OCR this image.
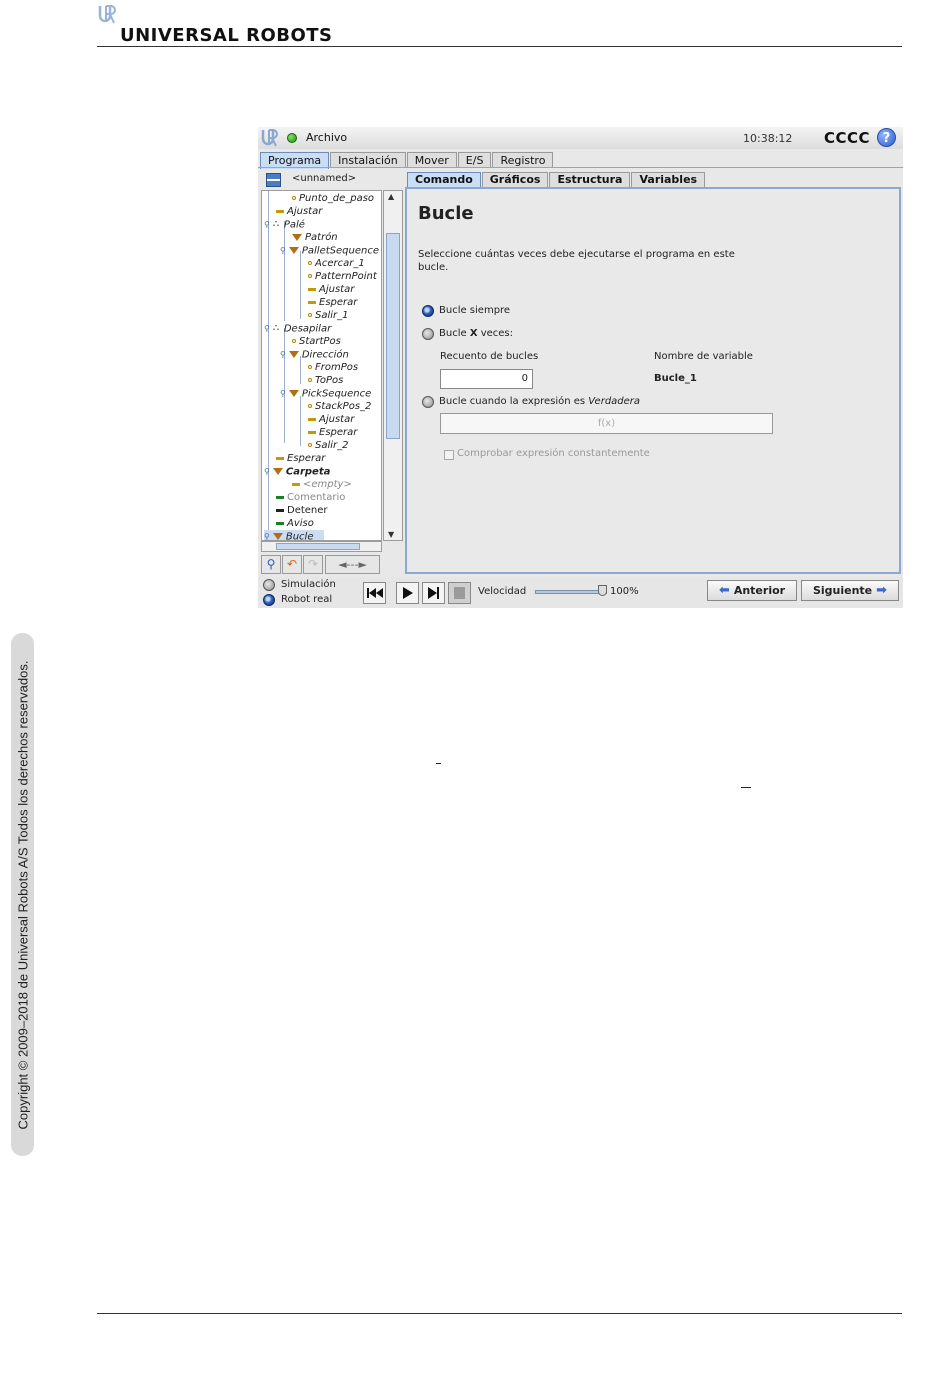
UNIVERSAL ROBOTS
Archivo	10:38:12 CCCC ?
Programa	Instalación	Mover	E/S	Registro
<unnamed>
Punto_de_paso
Ajustar
⚲ ⛬ Palé
Patrón
⚲ PalletSequence
Acercar_1
PatternPoint
Ajustar
Esperar
Salir_1
⚲ ⛬ Desapilar
StartPos
⚲ Dirección
FromPos
ToPos
⚲ PickSequence
StackPos_2
Ajustar
Esperar
Salir_2
Esperar
⚲ Carpeta
<empty>
Comentario
Detener
Aviso
⚲ Bucle
▲
▼
⚲ ↶ ↷	◄---►
Comando	Gráficos	Estructura	Variables
Bucle
Seleccione cuántas veces debe ejecutarse el programa en este bucle.
Bucle siempre
Bucle X veces:
Recuento de bucles	Nombre de variable
0	Bucle_1
Bucle cuando la expresión es Verdadera
f(x)
Comprobar expresión constantemente
Simulación
Robot real
Velocidad	100%	⬅ Anterior	Siguiente ➡
Copyright © 2009–2018 de Universal Robots A/S Todos los derechos reservados.
